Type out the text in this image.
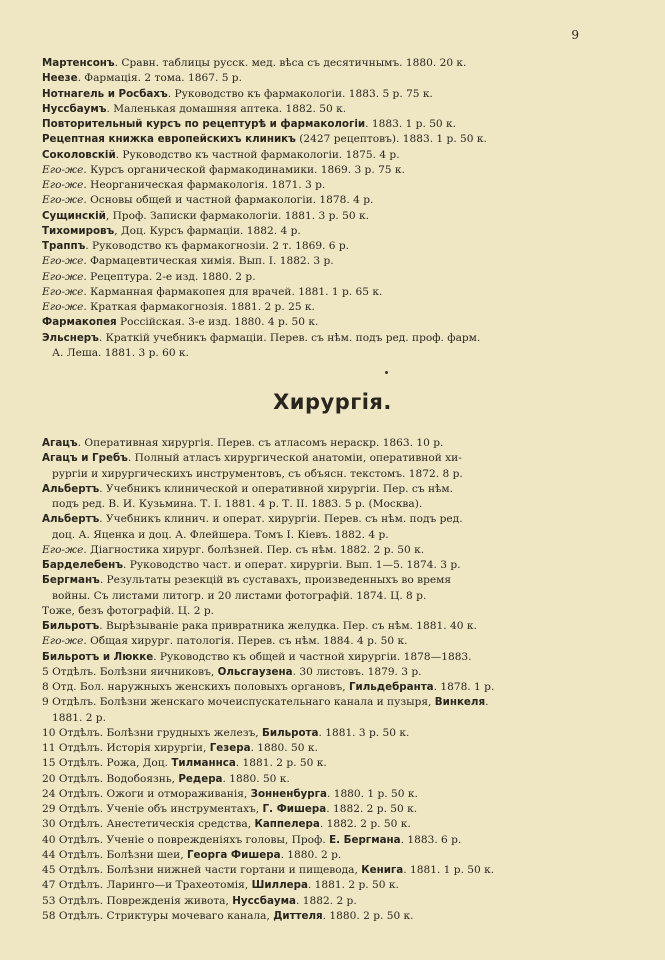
9
Мартенсонъ. Сравн. таблицы русск. мед. вѣса съ десятичнымъ. 1880. 20 к.
Неезе. Фармація. 2 тома. 1867. 5 р.
Нотнагель и Росбахъ. Руководство къ фармакологіи. 1883. 5 р. 75 к.
Нуссбаумъ. Маленькая домашняя аптека. 1882. 50 к.
Повторительный курсъ по рецептурѣ и фармакологіи. 1883. 1 р. 50 к.
Рецептная книжка европейскихъ клиникъ (2427 рецептовъ). 1883. 1 р. 50 к.
Соколовскій. Руководство къ частной фармакологіи. 1875. 4 р.
Его-же. Курсъ органической фармакодинамики. 1869. 3 р. 75 к.
Его-же. Неорганическая фармакологія. 1871. 3 р.
Его-же. Основы общей и частной фармакологіи. 1878. 4 р.
Сущинскій, Проф. Записки фармакологіи. 1881. 3 р. 50 к.
Тихомировъ, Доц. Курсъ фармаціи. 1882. 4 р.
Траппъ. Руководство къ фармакогнозіи. 2 т. 1869. 6 р.
Его-же. Фармацевтическая химія. Вып. I. 1882. 3 р.
Его-же. Рецептура. 2-е изд. 1880. 2 р.
Его-же. Карманная фармакопея для врачей. 1881. 1 р. 65 к.
Его-же. Краткая фармакогнозія. 1881. 2 р. 25 к.
Фармакопея Россійская. 3-е изд. 1880. 4 р. 50 к.
Эльснеръ. Краткій учебникъ фармаціи. Перев. съ нѣм. подъ ред. проф. фарм.
А. Леша. 1881. 3 р. 60 к.
Хирургія.
Агацъ. Оперативная хирургія. Перев. съ атласомъ нераскр. 1863. 10 р.
Агацъ и Гребъ. Полный атласъ хирургической анатоміи, оперативной хи-
рургіи и хирургическихъ инструментовъ, съ объясн. текстомъ. 1872. 8 р.
Альбертъ. Учебникъ клинической и оперативной хирургіи. Пер. съ нѣм.
подъ ред. В. И. Кузьмина. Т. I. 1881. 4 р. Т. II. 1883. 5 р. (Москва).
Альбертъ. Учебникъ клинич. и операт. хирургіи. Перев. съ нѣм. подъ ред.
доц. А. Яценка и доц. А. Флейшера. Томъ I. Кіевъ. 1882. 4 р.
Его-же. Діагностика хирург. болѣзней. Пер. съ нѣм. 1882. 2 р. 50 к.
Барделебенъ. Руководство част. и операт. хирургіи. Вып. 1—5. 1874. 3 р.
Бергманъ. Результаты резекцій въ суставахъ, произведенныхъ во время
войны. Съ листами литогр. и 20 листами фотографій. 1874. Ц. 8 р.
Тоже, безъ фотографій. Ц. 2 р.
Бильротъ. Вырѣзываніе рака привратника желудка. Пер. съ нѣм. 1881. 40 к.
Его-же. Общая хирург. патологія. Перев. съ нѣм. 1884. 4 р. 50 к.
Бильротъ и Люкке. Руководство къ общей и частной хирургіи. 1878—1883.
5 Отдѣлъ. Болѣзни яичниковъ, Ольсгаузена. 30 листовъ. 1879. 3 р.
8 Отд. Бол. наружныхъ женскихъ половыхъ органовъ, Гильдебранта. 1878. 1 р.
9 Отдѣлъ. Болѣзни женскаго мочеиспускательнаго канала и пузыря, Винкеля.
1881. 2 р.
10 Отдѣлъ. Болѣзни грудныхъ железъ, Бильрота. 1881. 3 р. 50 к.
11 Отдѣлъ. Исторія хирургіи, Гезера. 1880. 50 к.
15 Отдѣлъ. Рожа, Доц. Тилманнса. 1881. 2 р. 50 к.
20 Отдѣлъ. Водобоязнь, Редера. 1880. 50 к.
24 Отдѣлъ. Ожоги и отмораживанія, Зонненбурга. 1880. 1 р. 50 к.
29 Отдѣлъ. Ученіе объ инструментахъ, Г. Фишера. 1882. 2 р. 50 к.
30 Отдѣлъ. Анестетическія средства, Каппелера. 1882. 2 р. 50 к.
40 Отдѣлъ. Ученіе о повреждeніяхъ головы, Проф. Е. Бергмана. 1883. 6 р.
44 Отдѣлъ. Болѣзни шеи, Георга Фишера. 1880. 2 р.
45 Отдѣлъ. Болѣзни нижней части гортани и пищевода, Кенига. 1881. 1 р. 50 к.
47 Отдѣлъ. Ларинго—и Трахеотомія, Шиллера. 1881. 2 р. 50 к.
53 Отдѣлъ. Поврежденія живота, Нуссбаума. 1882. 2 р.
58 Отдѣлъ. Стриктуры мочеваго канала, Диттеля. 1880. 2 р. 50 к.
